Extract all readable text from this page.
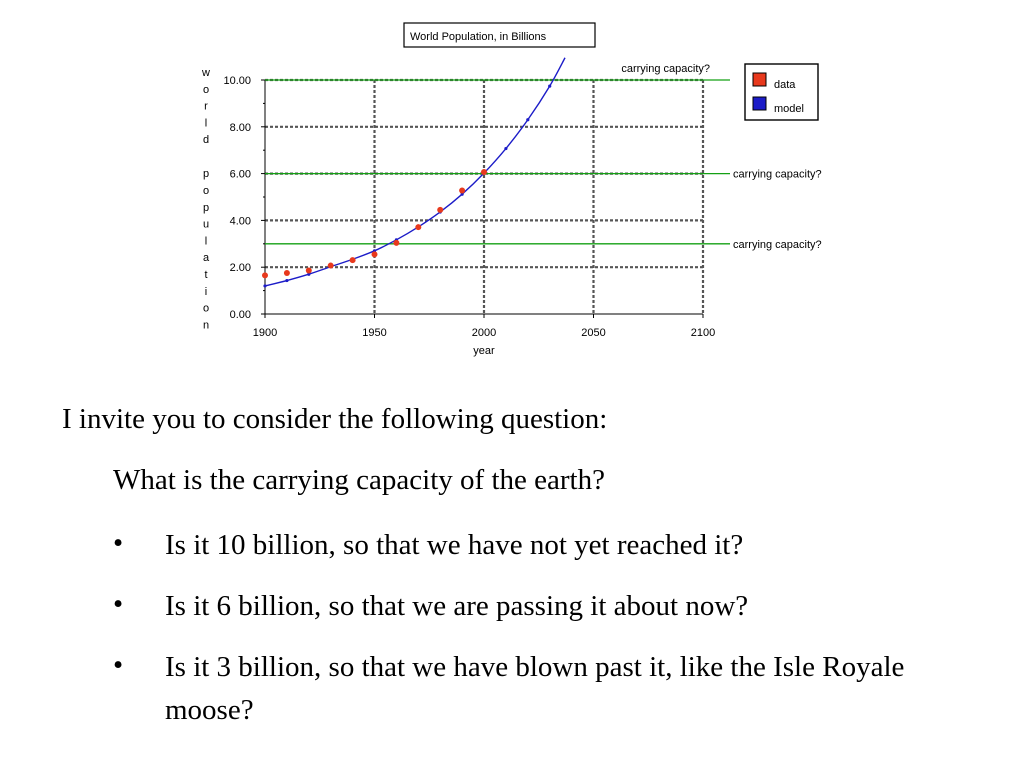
0.00
2.00
4.00
6.00
8.00
10.00
1900	1950	2000	2050	2100
year
w o r l d p o p u l a t i o n
World Population, in Billions
carrying capacity?
carrying capacity?
carrying capacity?
data
model
I invite you to consider the following question:
What is the carrying capacity of the earth?
• Is it 10 billion, so that we have not yet reached it?
• Is it 6 billion, so that we are passing it about now?
• Is it 3 billion, so that we have blown past it, like the Isle Royale moose?
